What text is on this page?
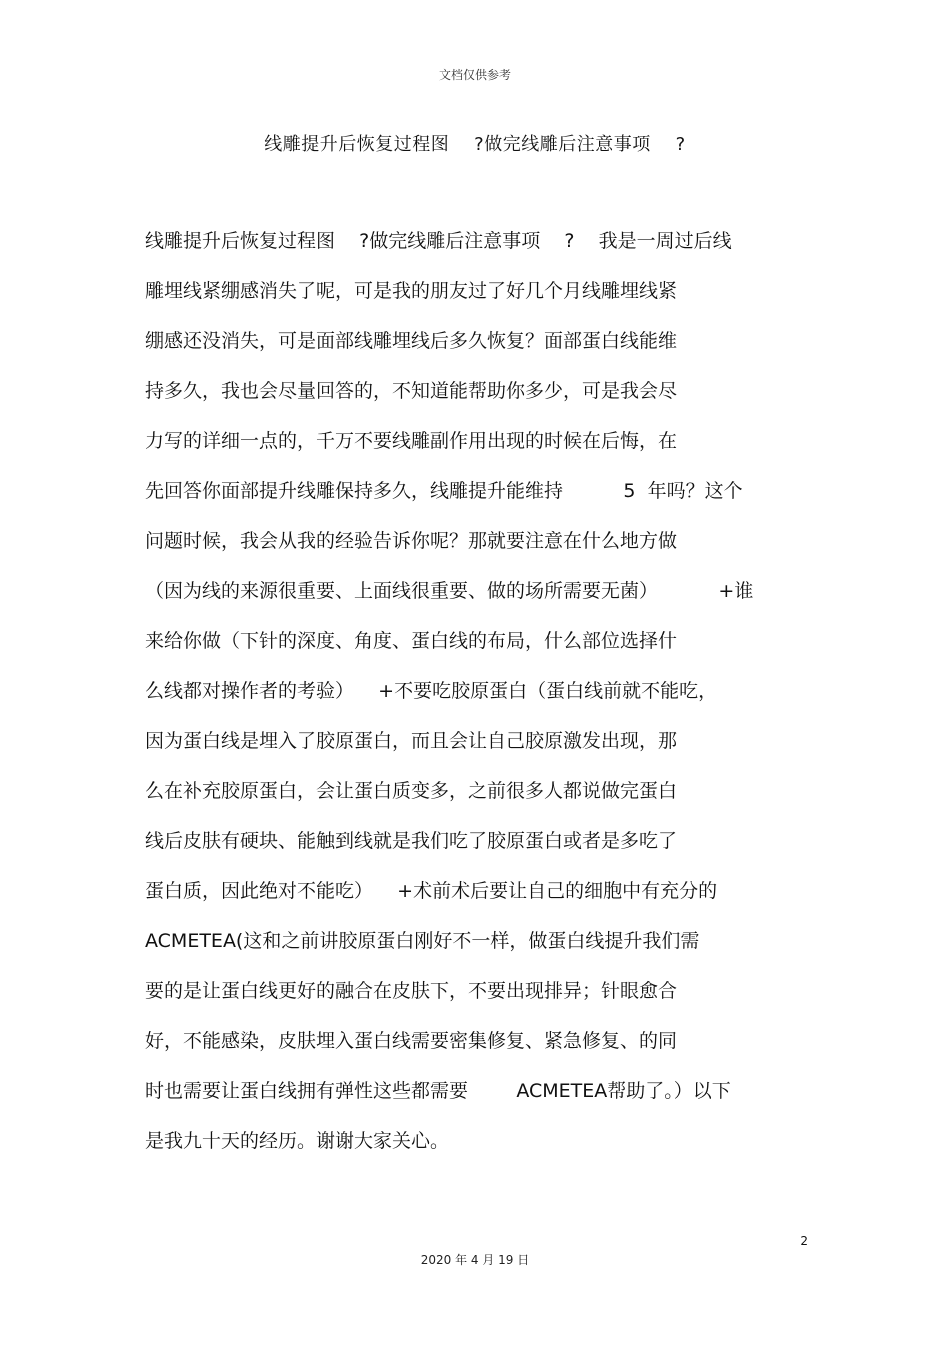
文档仅供参考
线雕提升后恢复过程图    ?做完线雕后注意事项    ?
线雕提升后恢复过程图    ?做完线雕后注意事项    ?    我是一周过后线
雕埋线紧绷感消失了呢，可是我的朋友过了好几个月线雕埋线紧
绷感还没消失，可是面部线雕埋线后多久恢复？面部蛋白线能维
持多久，我也会尽量回答的，不知道能帮助你多少，可是我会尽
力写的详细一点的，千万不要线雕副作用出现的时候在后悔，在
先回答你面部提升线雕保持多久，线雕提升能维持          5  年吗？这个
问题时候，我会从我的经验告诉你呢？那就要注意在什么地方做
（因为线的来源很重要、上面线很重要、做的场所需要无菌）          +谁
来给你做（下针的深度、角度、蛋白线的布局，什么部位选择什
么线都对操作者的考验）    +不要吃胶原蛋白（蛋白线前就不能吃，
因为蛋白线是埋入了胶原蛋白，而且会让自己胶原激发出现，那
么在补充胶原蛋白，会让蛋白质变多，之前很多人都说做完蛋白
线后皮肤有硬块、能触到线就是我们吃了胶原蛋白或者是多吃了
蛋白质，因此绝对不能吃）    +术前术后要让自己的细胞中有充分的
ACMETEA(这和之前讲胶原蛋白刚好不一样，做蛋白线提升我们需
要的是让蛋白线更好的融合在皮肤下，不要出现排异；针眼愈合
好，不能感染，皮肤埋入蛋白线需要密集修复、紧急修复、的同
时也需要让蛋白线拥有弹性这些都需要        ACMETEA帮助了。）以下
是我九十天的经历。谢谢大家关心。
2
2020 年 4 月 19 日
